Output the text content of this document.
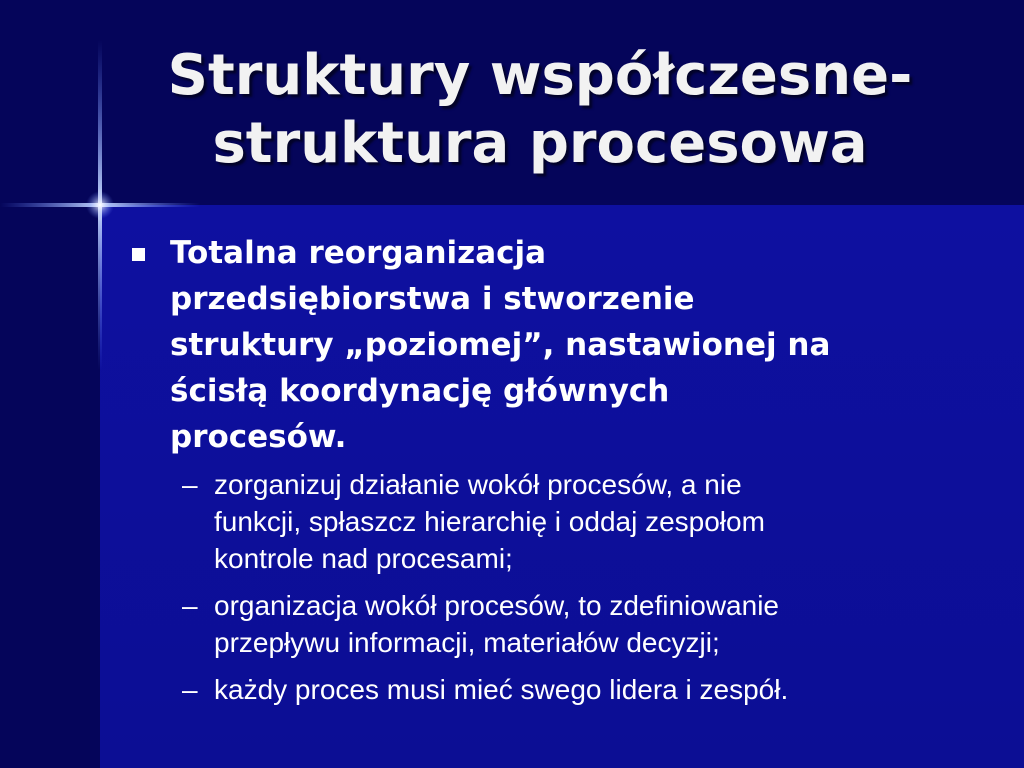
Struktury współczesne-
struktura procesowa
Totalna reorganizacja
przedsiębiorstwa i stworzenie
struktury „poziomej”, nastawionej na
ścisłą koordynację głównych
procesów.
– zorganizuj działanie wokół procesów, a nie
funkcji, spłaszcz hierarchię i oddaj zespołom
kontrole nad procesami;
– organizacja wokół procesów, to zdefiniowanie
przepływu informacji, materiałów decyzji;
– każdy proces musi mieć swego lidera i zespół.
